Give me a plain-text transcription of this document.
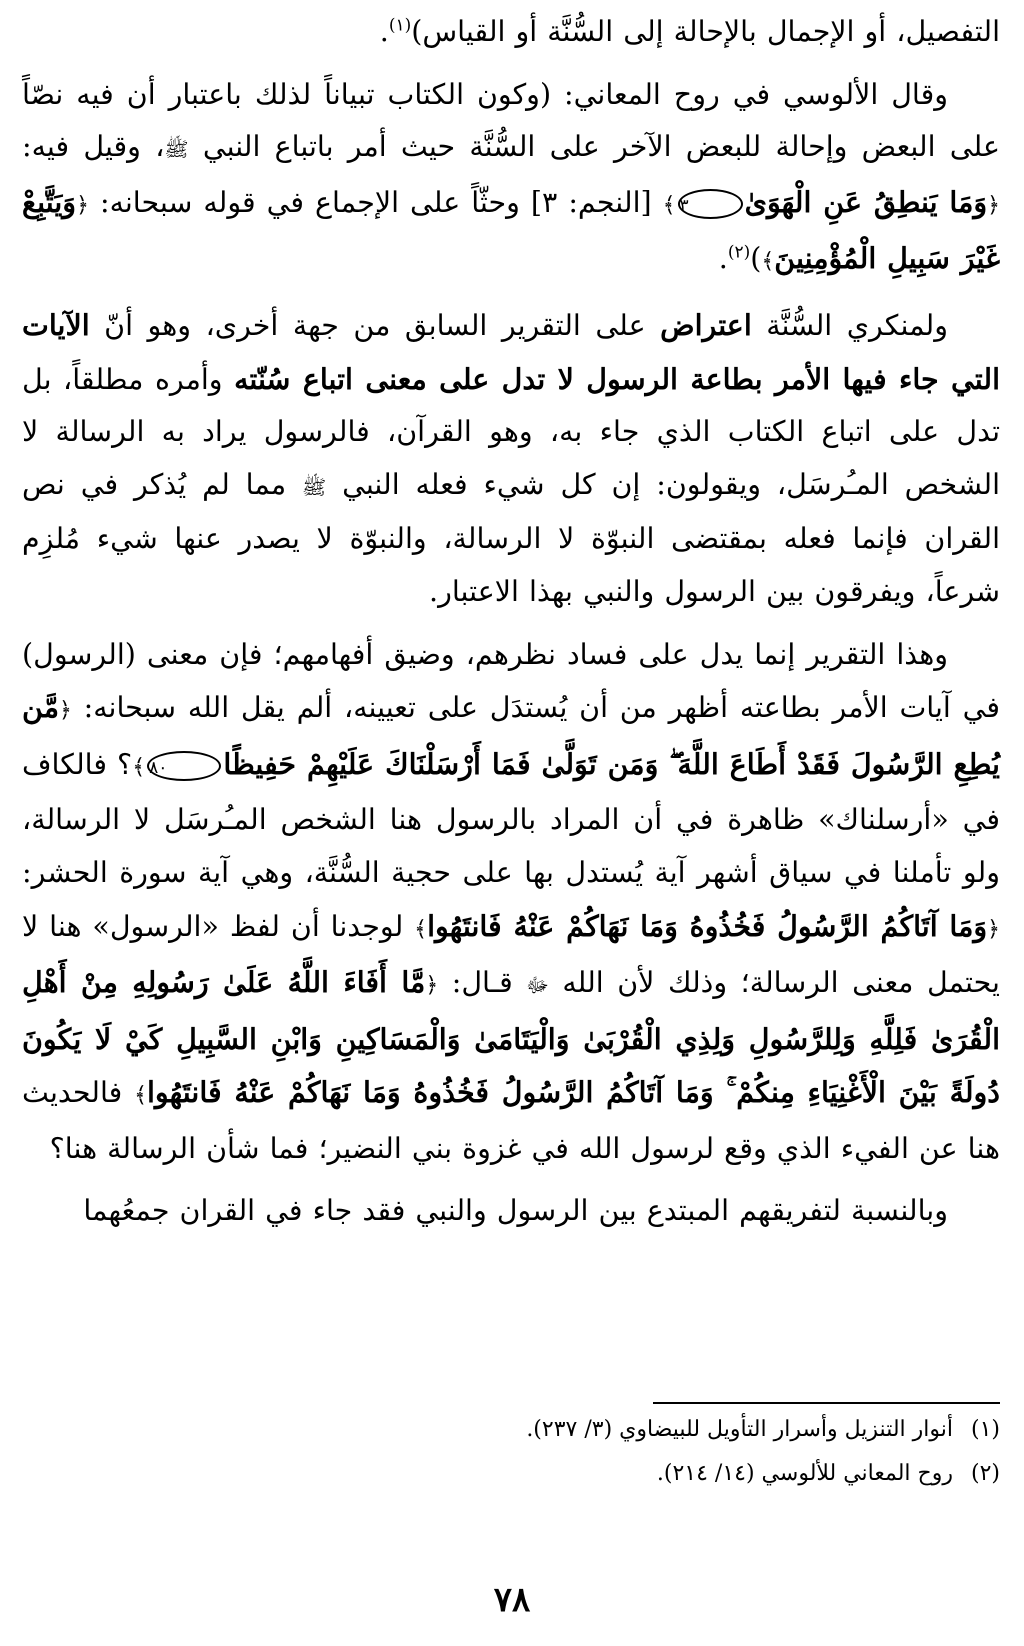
التفصيل، أو الإجمال بالإحالة إلى السُّنَّة أو القياس)$^{(١)}$.

وقال الألوسي في روح المعاني: (وكون الكتاب تبياناً لذلك باعتبار أن فيه نصّاً على البعض وإحالة للبعض الآخر على السُّنَّة حيث أمر باتباع النبي ﷺ، وقيل فيه: ﴿وَمَا يَنطِقُ عَنِ الْهَوَىٰ٣﴾ [النجم: ٣] وحثّاً على الإجماع في قوله سبحانه: ﴿وَيَتَّبِعْ غَيْرَ سَبِيلِ الْمُؤْمِنِينَ﴾)$^{(٢)}$.

ولمنكري السُّنَّة اعتراض على التقرير السابق من جهة أخرى، وهو أنّ الآيات التي جاء فيها الأمر بطاعة الرسول لا تدل على معنى اتباع سُنّته وأمره مطلقاً، بل تدل على اتباع الكتاب الذي جاء به، وهو القرآن، فالرسول يراد به الرسالة لا الشخص المـُرسَل، ويقولون: إن كل شيء فعله النبي ﷺ مما لم يُذكر في نص القران فإنما فعله بمقتضى النبوّة لا الرسالة، والنبوّة لا يصدر عنها شيء مُلزِم شرعاً، ويفرقون بين الرسول والنبي بهذا الاعتبار.

وهذا التقرير إنما يدل على فساد نظرهم، وضيق أفهامهم؛ فإن معنى (الرسول) في آيات الأمر بطاعته أظهر من أن يُستدَل على تعيينه، ألم يقل الله سبحانه: ﴿مَّن يُطِعِ الرَّسُولَ فَقَدْ أَطَاعَ اللَّهَ ۖ وَمَن تَوَلَّىٰ فَمَا أَرْسَلْنَاكَ عَلَيْهِمْ حَفِيظًا٨٠﴾؟ فالكاف في «أرسلناك» ظاهرة في أن المراد بالرسول هنا الشخص المـُرسَل لا الرسالة، ولو تأملنا في سياق أشهر آية يُستدل بها على حجية السُّنَّة، وهي آية سورة الحشر: ﴿وَمَا آتَاكُمُ الرَّسُولُ فَخُذُوهُ وَمَا نَهَاكُمْ عَنْهُ فَانتَهُوا﴾ لوجدنا أن لفظ «الرسول» هنا لا يحتمل معنى الرسالة؛ وذلك لأن الله ﷻ قـال: ﴿مَّا أَفَاءَ اللَّهُ عَلَىٰ رَسُولِهِ مِنْ أَهْلِ الْقُرَىٰ فَلِلَّهِ وَلِلرَّسُولِ وَلِذِي الْقُرْبَىٰ وَالْيَتَامَىٰ وَالْمَسَاكِينِ وَابْنِ السَّبِيلِ كَيْ لَا يَكُونَ دُولَةً بَيْنَ الْأَغْنِيَاءِ مِنكُمْ ۚ وَمَا آتَاكُمُ الرَّسُولُ فَخُذُوهُ وَمَا نَهَاكُمْ عَنْهُ فَانتَهُوا﴾ فالحديث هنا عن الفيء الذي وقع لرسول الله في غزوة بني النضير؛ فما شأن الرسالة هنا؟

وبالنسبة لتفريقهم المبتدع بين الرسول والنبي فقد جاء في القران جمعُهما

(١)أنوار التنزيل وأسرار التأويل للبيضاوي (٣/ ٢٣٧).

(٢)روح المعاني للألوسي (١٤/ ٢١٤).

٧٨
